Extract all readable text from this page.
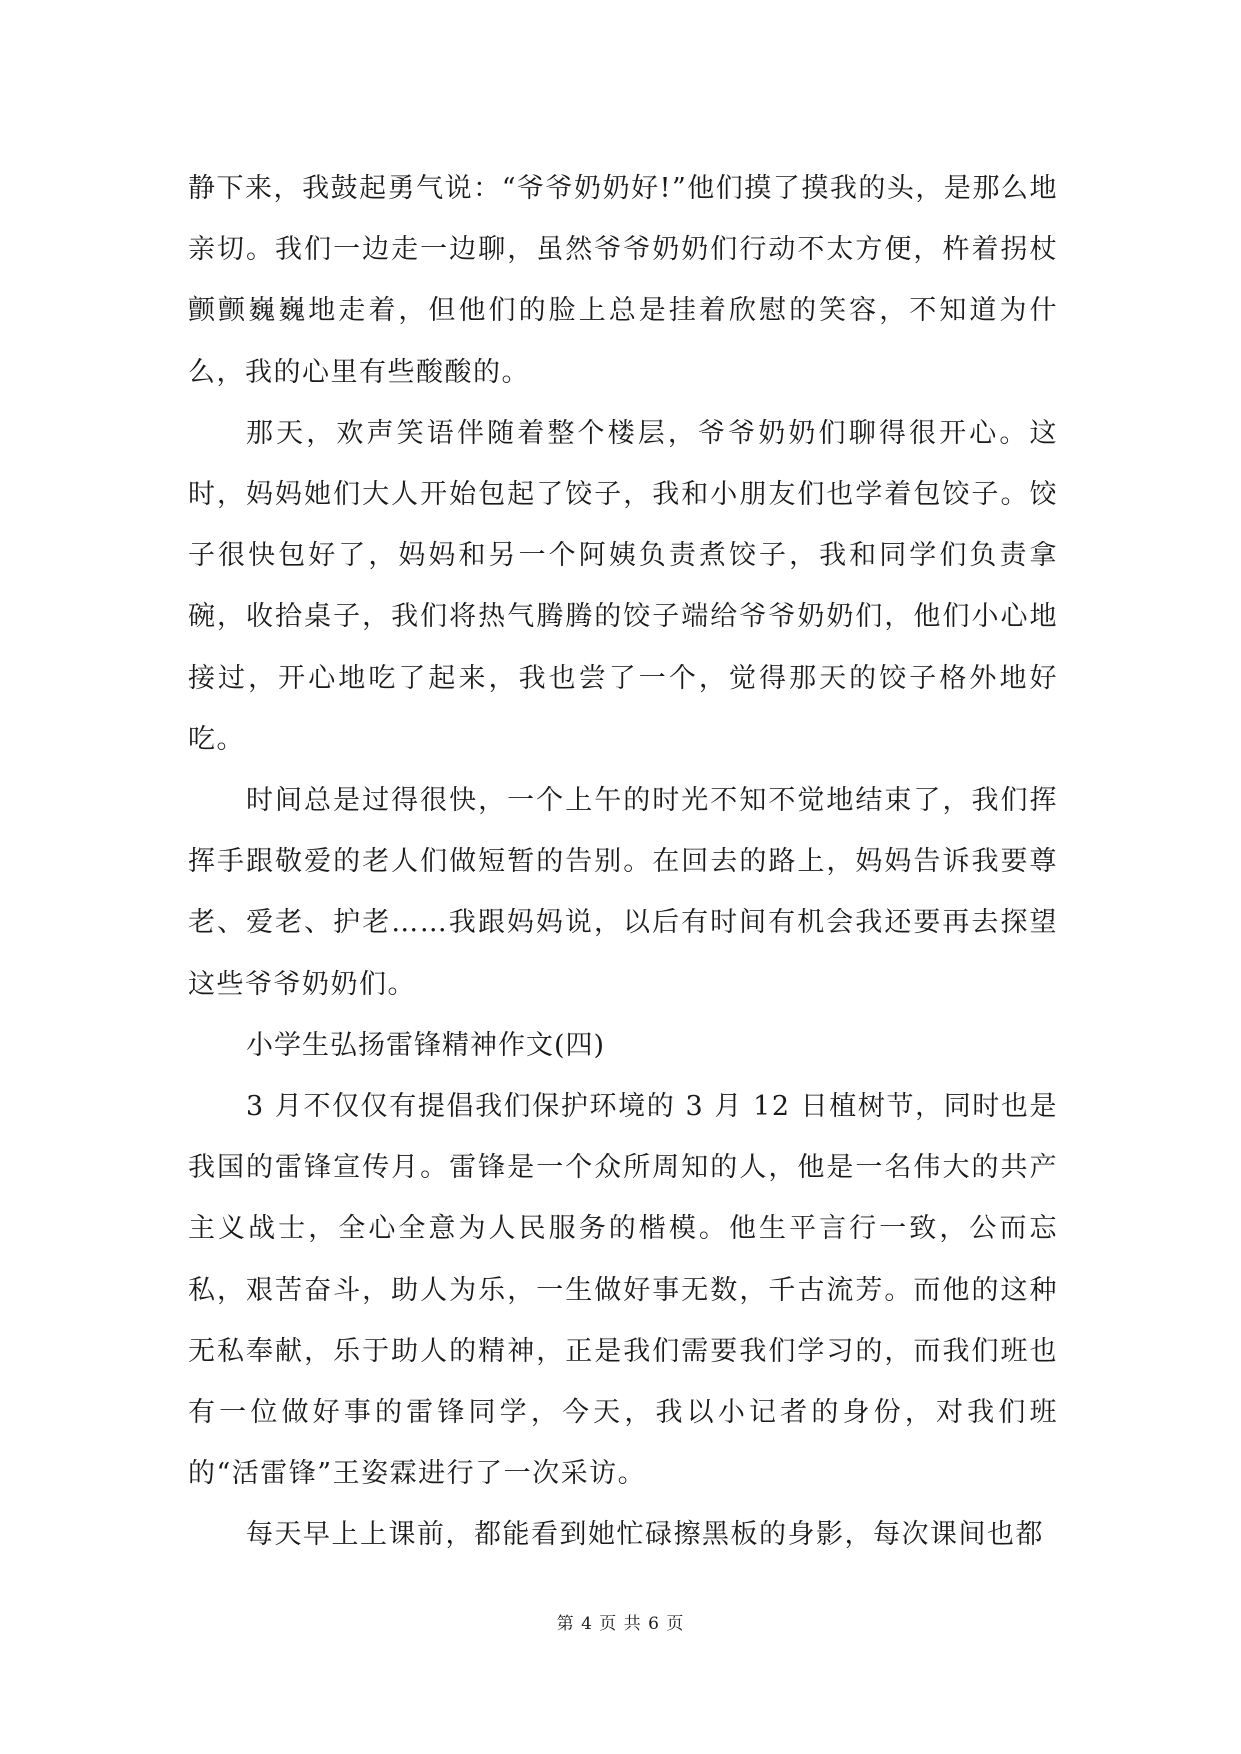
静下来，我鼓起勇气说：“爷爷奶奶好!”他们摸了摸我的头，是那么地亲切。我们一边走一边聊，虽然爷爷奶奶们行动不太方便，杵着拐杖颤颤巍巍地走着，但他们的脸上总是挂着欣慰的笑容，不知道为什么，我的心里有些酸酸的。

那天，欢声笑语伴随着整个楼层，爷爷奶奶们聊得很开心。这时，妈妈她们大人开始包起了饺子，我和小朋友们也学着包饺子。饺子很快包好了，妈妈和另一个阿姨负责煮饺子，我和同学们负责拿碗，收拾桌子，我们将热气腾腾的饺子端给爷爷奶奶们，他们小心地接过，开心地吃了起来，我也尝了一个，觉得那天的饺子格外地好吃。

时间总是过得很快，一个上午的时光不知不觉地结束了，我们挥挥手跟敬爱的老人们做短暂的告别。在回去的路上，妈妈告诉我要尊老、爱老、护老……我跟妈妈说，以后有时间有机会我还要再去探望这些爷爷奶奶们。

小学生弘扬雷锋精神作文(四)

3 月不仅仅有提倡我们保护环境的 3 月 12 日植树节，同时也是我国的雷锋宣传月。雷锋是一个众所周知的人，他是一名伟大的共产主义战士，全心全意为人民服务的楷模。他生平言行一致，公而忘私，艰苦奋斗，助人为乐，一生做好事无数，千古流芳。而他的这种无私奉献，乐于助人的精神，正是我们需要我们学习的，而我们班也有一位做好事的雷锋同学，今天，我以小记者的身份，对我们班的“活雷锋”王姿霖进行了一次采访。

每天早上上课前，都能看到她忙碌擦黑板的身影，每次课间也都

第 4 页 共 6 页
